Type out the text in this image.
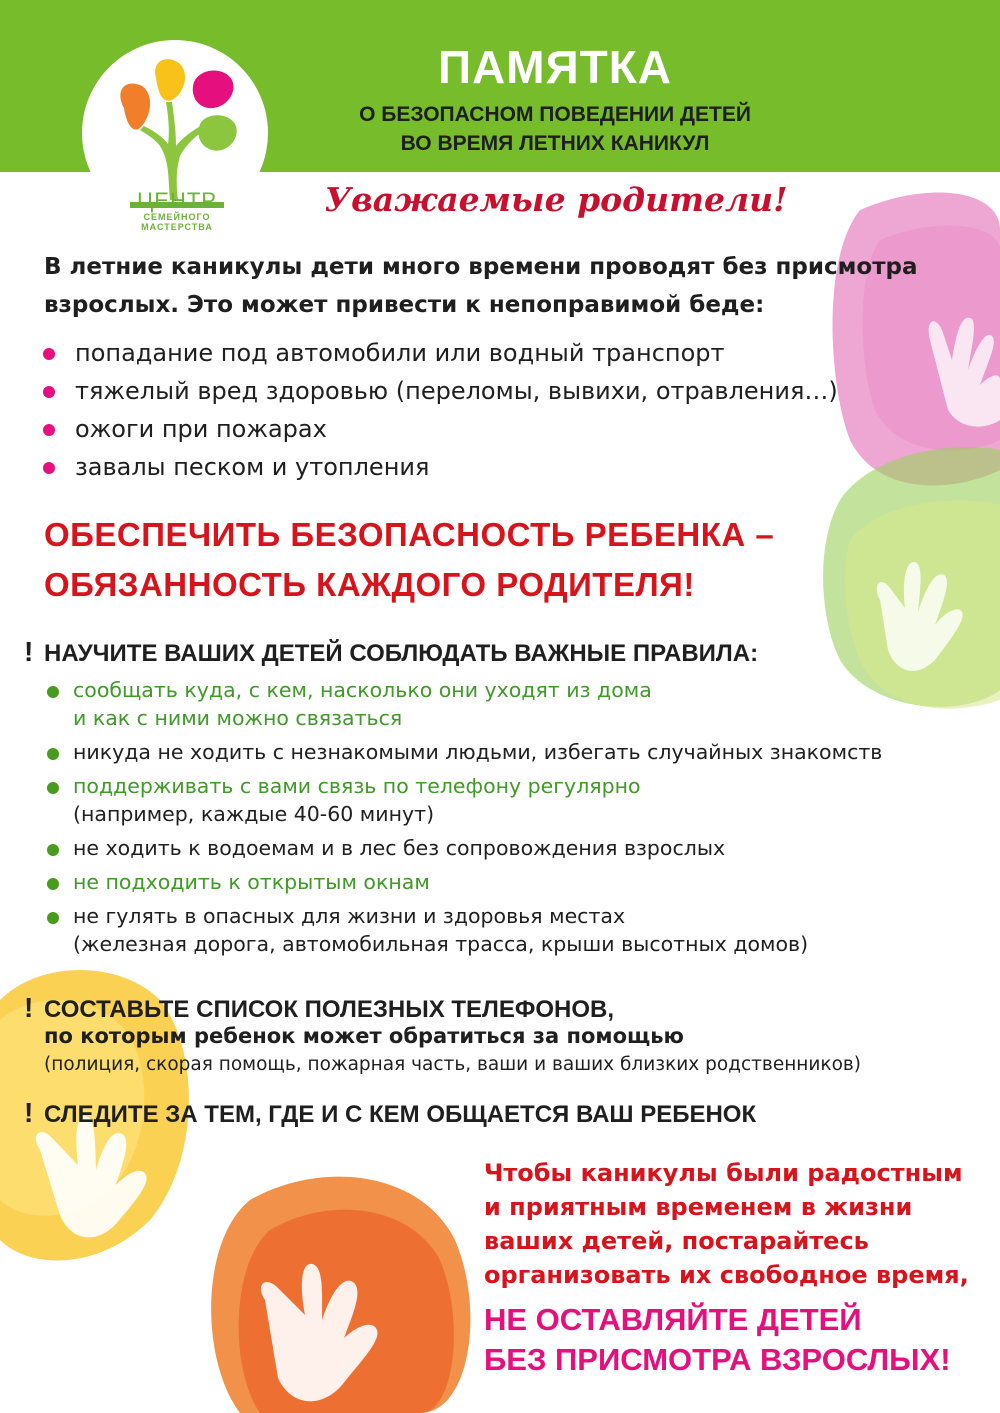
ЦЕНТР
СЕМЕЙНОГО
МАСТЕРСТВА
ПАМЯТКА

О БЕЗОПАСНОМ ПОВЕДЕНИИ ДЕТЕЙ

ВО ВРЕМЯ ЛЕТНИХ КАНИКУЛ

Уважаемые родители!

В летние каникулы дети много времени проводят без присмотра взрослых. Это может привести к непоправимой беде:

попадание под автомобили или водный транспорт
тяжелый вред здоровью (переломы, вывихи, отравления…)
ожоги при пожарах
завалы песком и утопления

ОБЕСПЕЧИТЬ БЕЗОПАСНОСТЬ РЕБЕНКА –
ОБЯЗАННОСТЬ КАЖДОГО РОДИТЕЛЯ!

! НАУЧИТЕ ВАШИХ ДЕТЕЙ СОБЛЮДАТЬ ВАЖНЫЕ ПРАВИЛА:

сообщать куда, с кем, насколько они уходят из дома
и как с ними можно связаться
никуда не ходить с незнакомыми людьми, избегать случайных знакомств
поддерживать с вами связь по телефону регулярно
(например, каждые 40-60 минут)
не ходить к водоемам и в лес без сопровождения взрослых
не подходить к открытым окнам
не гулять в опасных для жизни и здоровья местах
(железная дорога, автомобильная трасса, крыши высотных домов)

! СОСТАВЬТЕ СПИСОК ПОЛЕЗНЫХ ТЕЛЕФОНОВ,

по которым ребенок может обратиться за помощью

(полиция, скорая помощь, пожарная часть, ваши и ваших близких родственников)

! СЛЕДИТЕ ЗА ТЕМ, ГДЕ И С КЕМ ОБЩАЕТСЯ ВАШ РЕБЕНОК

Чтобы каникулы были радостным
и приятным временем в жизни
ваших детей, постарайтесь
организовать их свободное время,

НЕ ОСТАВЛЯЙТЕ ДЕТЕЙ
БЕЗ ПРИСМОТРА ВЗРОСЛЫХ!
